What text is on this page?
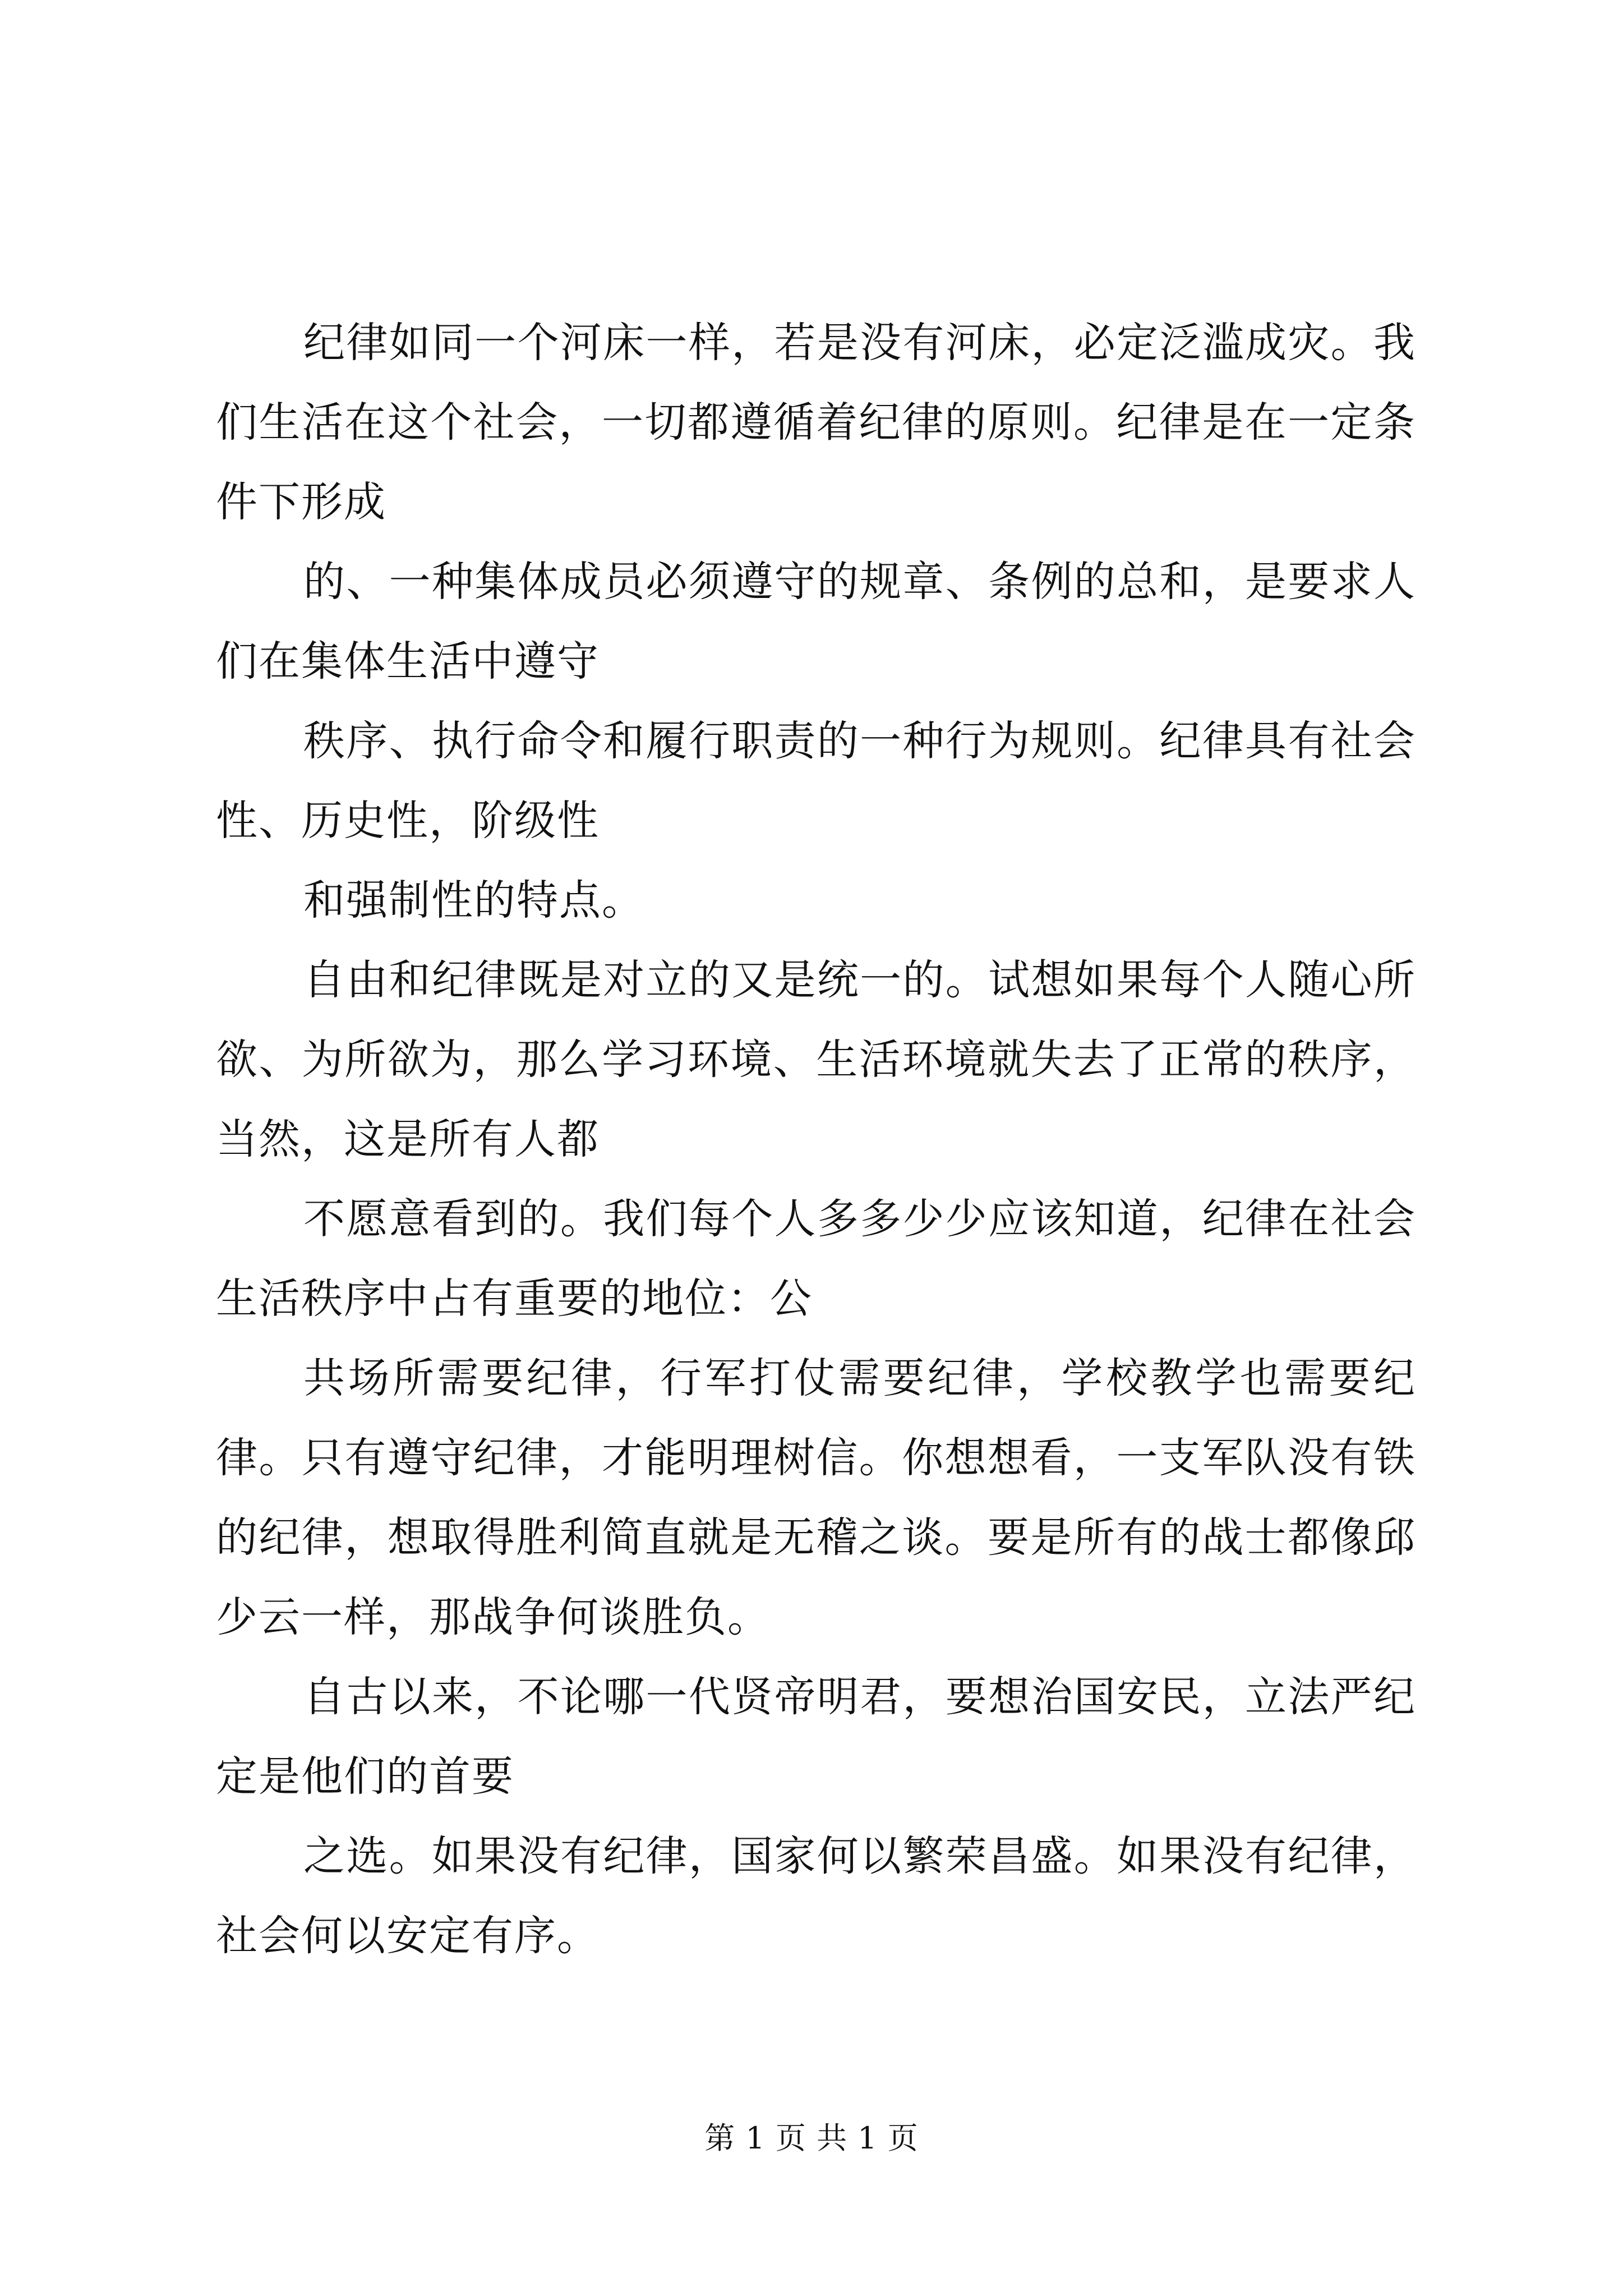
纪律如同一个河床一样，若是没有河床，必定泛滥成灾。我们生活在这个社会，一切都遵循着纪律的原则。纪律是在一定条件下形成

的、一种集体成员必须遵守的规章、条例的总和，是要求人们在集体生活中遵守

秩序、执行命令和履行职责的一种行为规则。纪律具有社会性、历史性，阶级性

和强制性的特点。

自由和纪律既是对立的又是统一的。试想如果每个人随心所欲、为所欲为，那么学习环境、生活环境就失去了正常的秩序，当然，这是所有人都

不愿意看到的。我们每个人多多少少应该知道，纪律在社会生活秩序中占有重要的地位：公

共场所需要纪律，行军打仗需要纪律，学校教学也需要纪律。只有遵守纪律，才能明理树信。你想想看，一支军队没有铁的纪律，想取得胜利简直就是无稽之谈。要是所有的战士都像邱少云一样，那战争何谈胜负。

自古以来，不论哪一代贤帝明君，要想治国安民，立法严纪定是他们的首要

之选。如果没有纪律，国家何以繁荣昌盛。如果没有纪律，社会何以安定有序。

第 1 页 共 1 页
